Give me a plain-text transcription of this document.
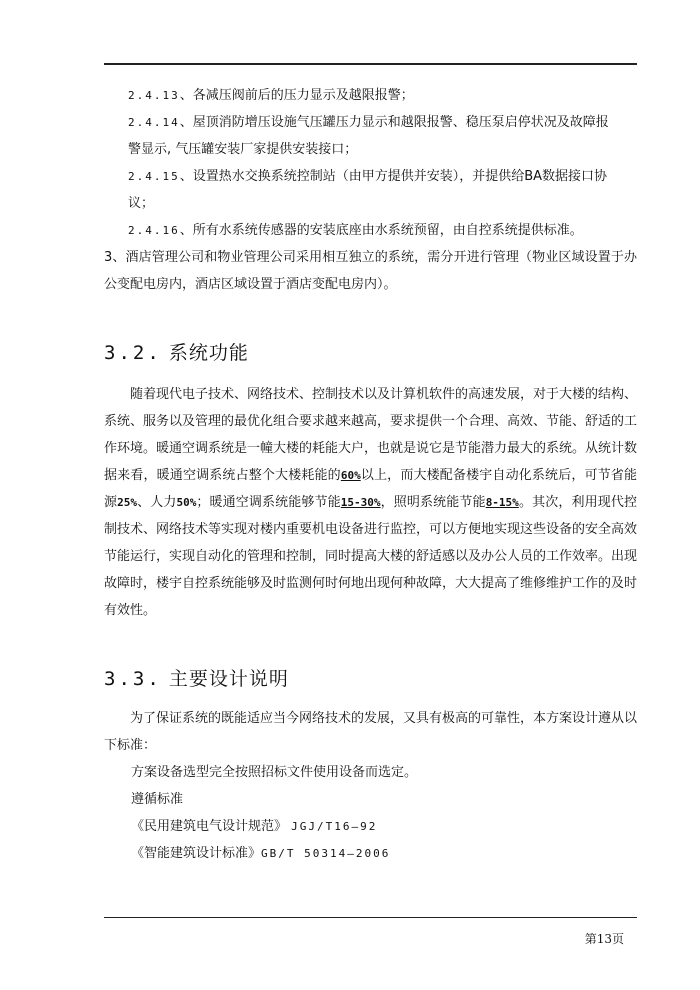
2.4.13、各减压阀前后的压力显示及越限报警；

2.4.14、屋顶消防增压设施气压罐压力显示和越限报警、稳压泵启停状况及故障报

警显示, 气压罐安装厂家提供安装接口；

2.4.15、设置热水交换系统控制站（由甲方提供并安装），并提供给BA数据接口协

议；

2.4.16、所有水系统传感器的安装底座由水系统预留，由自控系统提供标准。

3、酒店管理公司和物业管理公司采用相互独立的系统，需分开进行管理（物业区域设置于办公变配电房内，酒店区域设置于酒店变配电房内）。

3.2. 系统功能

随着现代电子技术、网络技术、控制技术以及计算机软件的高速发展，对于大楼的结构、系统、服务以及管理的最优化组合要求越来越高，要求提供一个合理、高效、节能、舒适的工作环境。暖通空调系统是一幢大楼的耗能大户，也就是说它是节能潜力最大的系统。从统计数据来看，暖通空调系统占整个大楼耗能的60%以上，而大楼配备楼宇自动化系统后，可节省能源25%、人力50%；暖通空调系统能够节能15-30%，照明系统能节能8-15%。其次，利用现代控制技术、网络技术等实现对楼内重要机电设备进行监控，可以方便地实现这些设备的安全高效节能运行，实现自动化的管理和控制，同时提高大楼的舒适感以及办公人员的工作效率。出现故障时，楼宇自控系统能够及时监测何时何地出现何种故障，大大提高了维修维护工作的及时有效性。

3.3. 主要设计说明

为了保证系统的既能适应当今网络技术的发展，又具有极高的可靠性，本方案设计遵从以下标准：

方案设备选型完全按照招标文件使用设备而选定。

遵循标准

《民用建筑电气设计规范》 JGJ/T16—92

《智能建筑设计标准》GB/T 50314—2006

第13页
